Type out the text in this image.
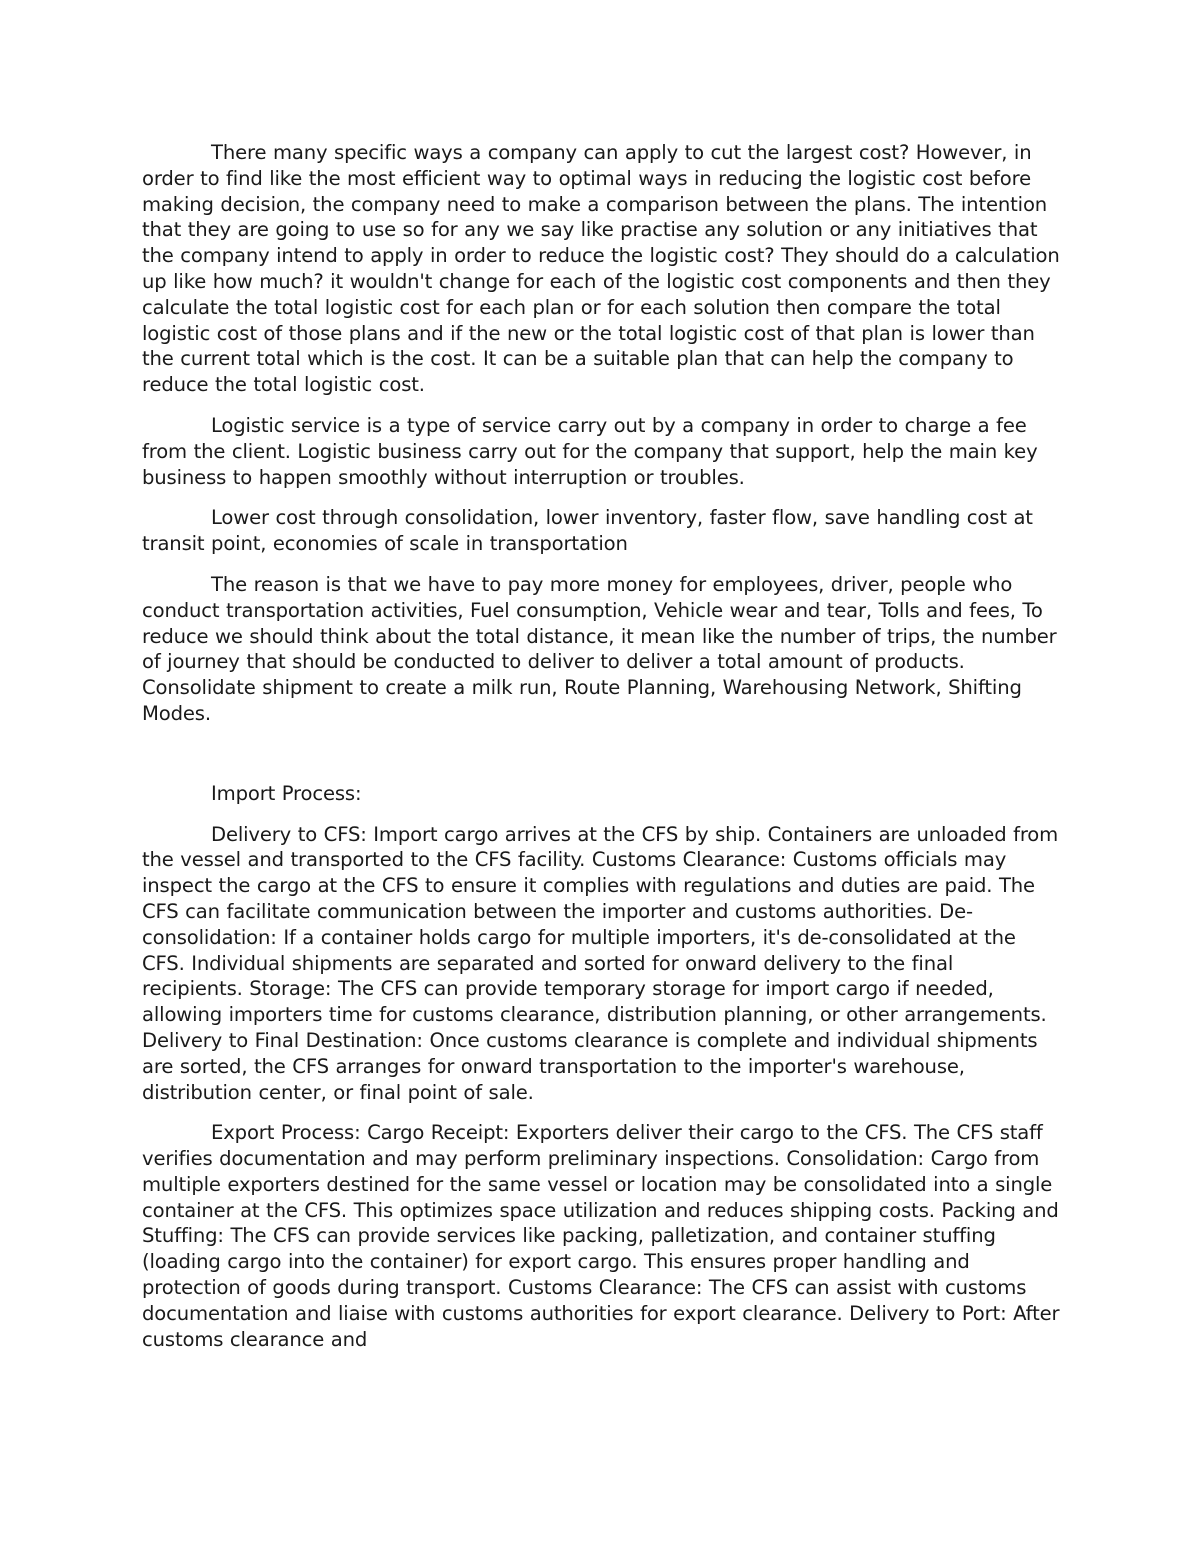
There many specific ways a company can apply to cut the largest cost? However, in order to find like the most efficient way to optimal ways in reducing the logistic cost before making decision, the company need to make a comparison between the plans. The intention that they are going to use so for any we say like practise any solution or any initiatives that the company intend to apply in order to reduce the logistic cost? They should do a calculation up like how much? it wouldn't change for each of the logistic cost components and then they calculate the total logistic cost for each plan or for each solution then compare the total logistic cost of those plans and if the new or the total logistic cost of that plan is lower than the current total which is the cost. It can be a suitable plan that can help the company to reduce the total logistic cost.

Logistic service is a type of service carry out by a company in order to charge a fee from the client. Logistic business carry out for the company that support, help the main key business to happen smoothly without interruption or troubles.

Lower cost through consolidation, lower inventory, faster flow, save handling cost at transit point, economies of scale in transportation

The reason is that we have to pay more money for employees, driver, people who conduct transportation activities, Fuel consumption, Vehicle wear and tear, Tolls and fees, To reduce we should think about the total distance, it mean like the number of trips, the number of journey that should be conducted to deliver to deliver a total amount of products. Consolidate shipment to create a milk run, Route Planning, Warehousing Network, Shifting Modes.

Import Process:

Delivery to CFS: Import cargo arrives at the CFS by ship. Containers are unloaded from the vessel and transported to the CFS facility. Customs Clearance: Customs officials may inspect the cargo at the CFS to ensure it complies with regulations and duties are paid. The CFS can facilitate communication between the importer and customs authorities. De-consolidation: If a container holds cargo for multiple importers, it's de-consolidated at the CFS. Individual shipments are separated and sorted for onward delivery to the final recipients. Storage: The CFS can provide temporary storage for import cargo if needed, allowing importers time for customs clearance, distribution planning, or other arrangements. Delivery to Final Destination: Once customs clearance is complete and individual shipments are sorted, the CFS arranges for onward transportation to the importer's warehouse, distribution center, or final point of sale.

Export Process: Cargo Receipt: Exporters deliver their cargo to the CFS. The CFS staff verifies documentation and may perform preliminary inspections. Consolidation: Cargo from multiple exporters destined for the same vessel or location may be consolidated into a single container at the CFS. This optimizes space utilization and reduces shipping costs. Packing and Stuffing: The CFS can provide services like packing, palletization, and container stuffing (loading cargo into the container) for export cargo. This ensures proper handling and protection of goods during transport. Customs Clearance: The CFS can assist with customs documentation and liaise with customs authorities for export clearance. Delivery to Port: After customs clearance and
